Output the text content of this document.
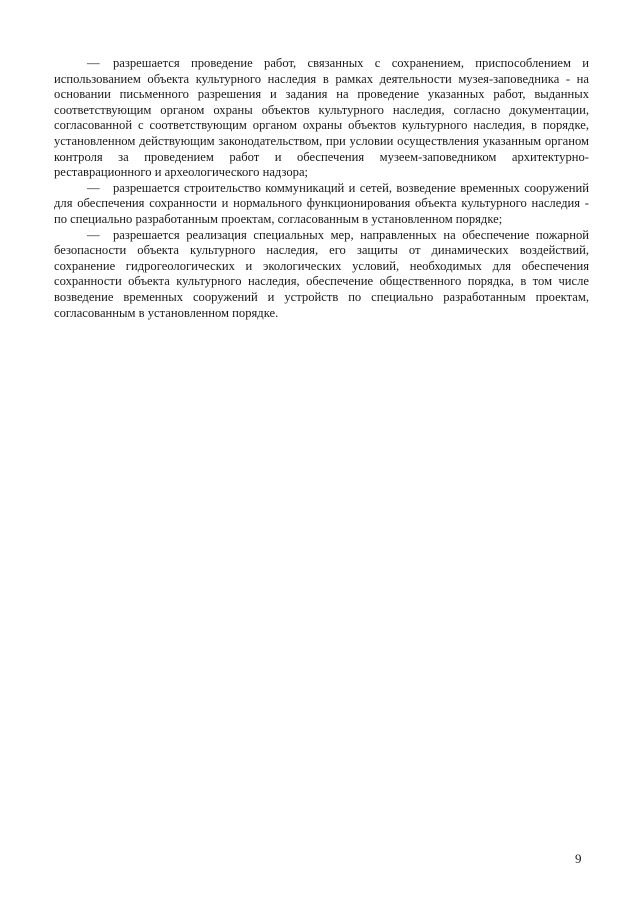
— разрешается проведение работ, связанных с сохранением, приспособлением и использованием объекта культурного наследия в рамках деятельности музея-заповедника - на основании письменного разрешения и задания на проведение указанных работ, выданных соответствующим органом охраны объектов культурного наследия, согласно документации, согласованной с соответствующим органом охраны объектов культурного наследия, в порядке, установленном действующим законодательством, при условии осуществления указанным органом контроля за проведением работ и обеспечения музеем-заповедником архитектурно-реставрационного и археологического надзора;

— разрешается строительство коммуникаций и сетей, возведение временных сооружений для обеспечения сохранности и нормального функционирования объекта культурного наследия - по специально разработанным проектам, согласованным в установленном порядке;

— разрешается реализация специальных мер, направленных на обеспечение пожарной безопасности объекта культурного наследия, его защиты от динамических воздействий, сохранение гидрогеологических и экологических условий, необходимых для обеспечения сохранности объекта культурного наследия, обеспечение общественного порядка, в том числе возведение временных сооружений и устройств по специально разработанным проектам, согласованным в установленном порядке.

9
